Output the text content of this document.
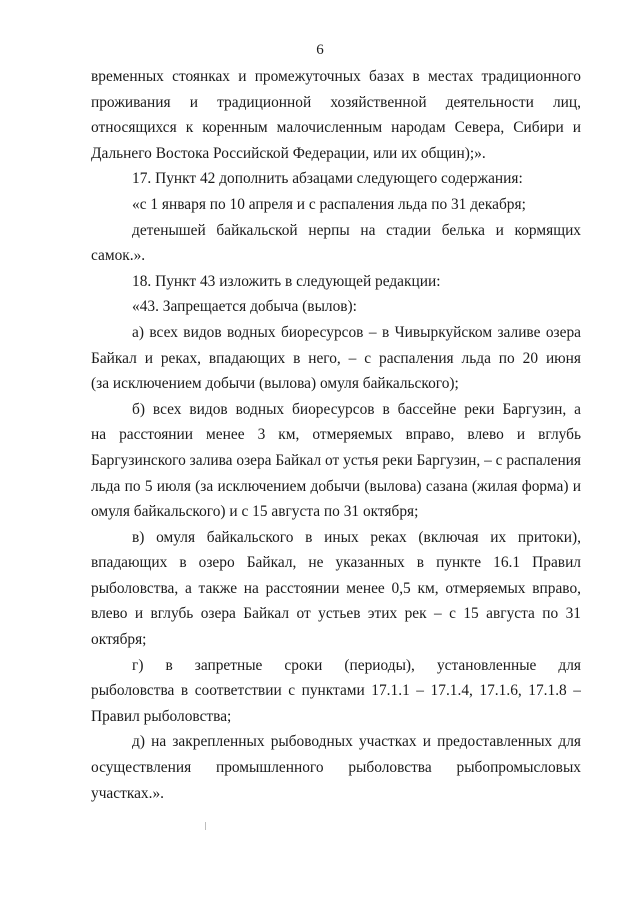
6
временных стоянках и промежуточных базах в местах традиционного
проживания и традиционной хозяйственной деятельности лиц,
относящихся к коренным малочисленным народам Севера, Сибири и
Дальнего Востока Российской Федерации, или их общин);».
17. Пункт 42 дополнить абзацами следующего содержания:
«с 1 января по 10 апреля и с распаления льда по 31 декабря;
детенышей байкальской нерпы на стадии белька и кормящих
самок.».
18. Пункт 43 изложить в следующей редакции:
«43. Запрещается добыча (вылов):
а) всех видов водных биоресурсов – в Чивыркуйском заливе озера
Байкал и реках, впадающих в него, – с распаления льда по 20 июня
(за исключением добычи (вылова) омуля байкальского);
б) всех видов водных биоресурсов в бассейне реки Баргузин, а
на расстоянии менее 3 км, отмеряемых вправо, влево и вглубь
Баргузинского залива озера Байкал от устья реки Баргузин, – с распаления
льда по 5 июля (за исключением добычи (вылова) сазана (жилая форма) и
омуля байкальского) и с 15 августа по 31 октября;
в) омуля байкальского в иных реках (включая их притоки),
впадающих в озеро Байкал, не указанных в пункте 16.1 Правил
рыболовства, а также на расстоянии менее 0,5 км, отмеряемых вправо,
влево и вглубь озера Байкал от устьев этих рек – с 15 августа по 31
октября;
г) в запретные сроки (периоды), установленные для
рыболовства в соответствии с пунктами 17.1.1 – 17.1.4, 17.1.6, 17.1.8 –
Правил рыболовства;
д) на закрепленных рыбоводных участках и предоставленных для
осуществления промышленного рыболовства рыбопромысловых
участках.».
